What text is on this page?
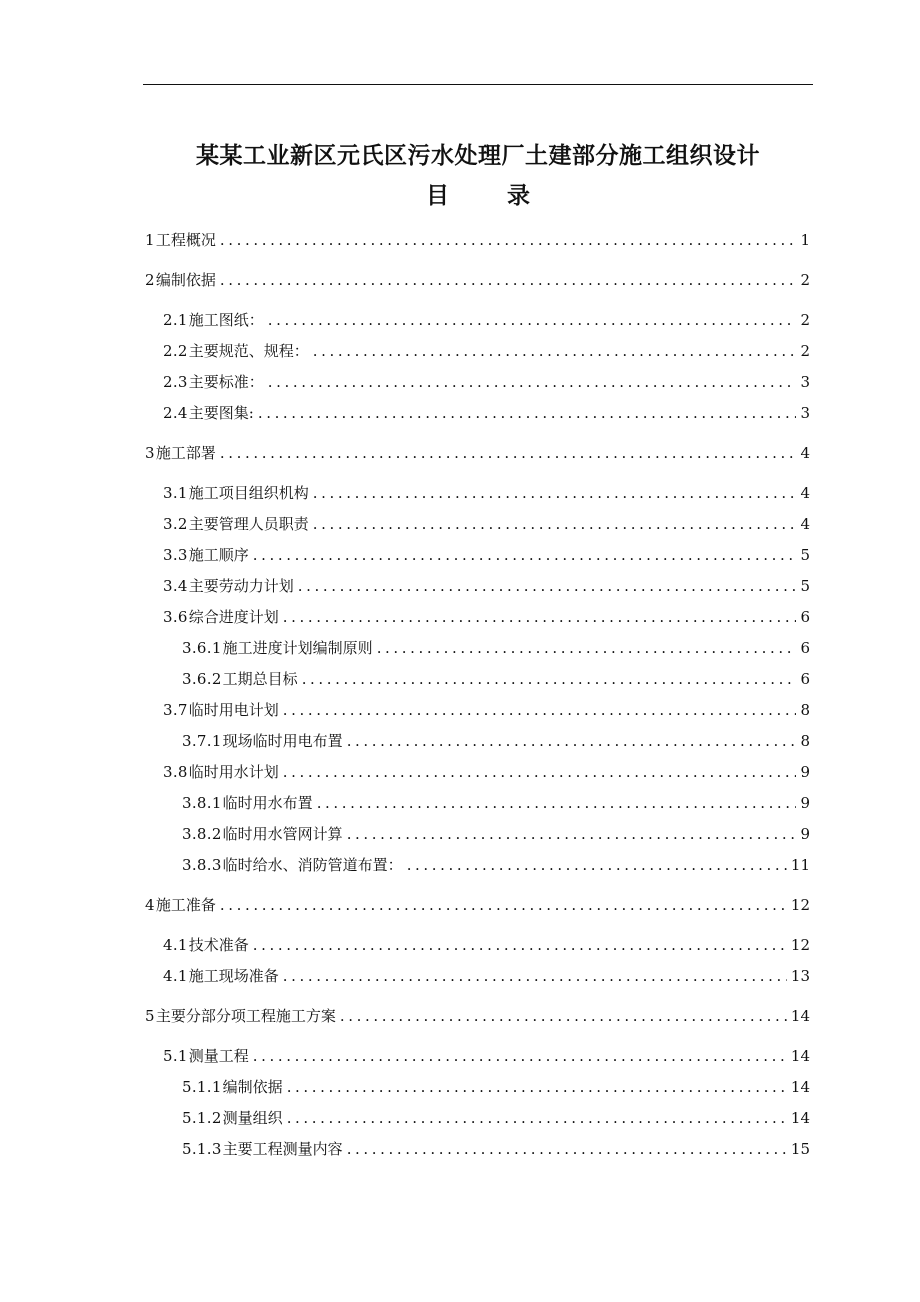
某某工业新区元氏区污水处理厂土建部分施工组织设计
目	录
1 工程概况 .....	1
2 编制依据 .....	2
2.1 施工图纸： .....	2
2.2 主要规范、规程： .....	2
2.3 主要标准： .....	3
2.4 主要图集: .....	3
3 施工部署 .....	4
3.1 施工项目组织机构 .....	4
3.2 主要管理人员职责 .....	4
3.3 施工顺序 .....	5
3.4 主要劳动力计划 .....	5
3.6 综合进度计划 .....	6
3.6.1 施工进度计划编制原则 .....	6
3.6.2 工期总目标 .....	6
3.7 临时用电计划 .....	8
3.7.1 现场临时用电布置 .....	8
3.8 临时用水计划 .....	9
3.8.1 临时用水布置 .....	9
3.8.2 临时用水管网计算 .....	9
3.8.3 临时给水、消防管道布置： .....	11
4 施工准备 .....	12
4.1 技术准备 .....	12
4.1 施工现场准备 .....	13
5 主要分部分项工程施工方案 .....	14
5.1 测量工程 .....	14
5.1.1 编制依据 .....	14
5.1.2 测量组织 .....	14
5.1.3 主要工程测量内容 .....	15
